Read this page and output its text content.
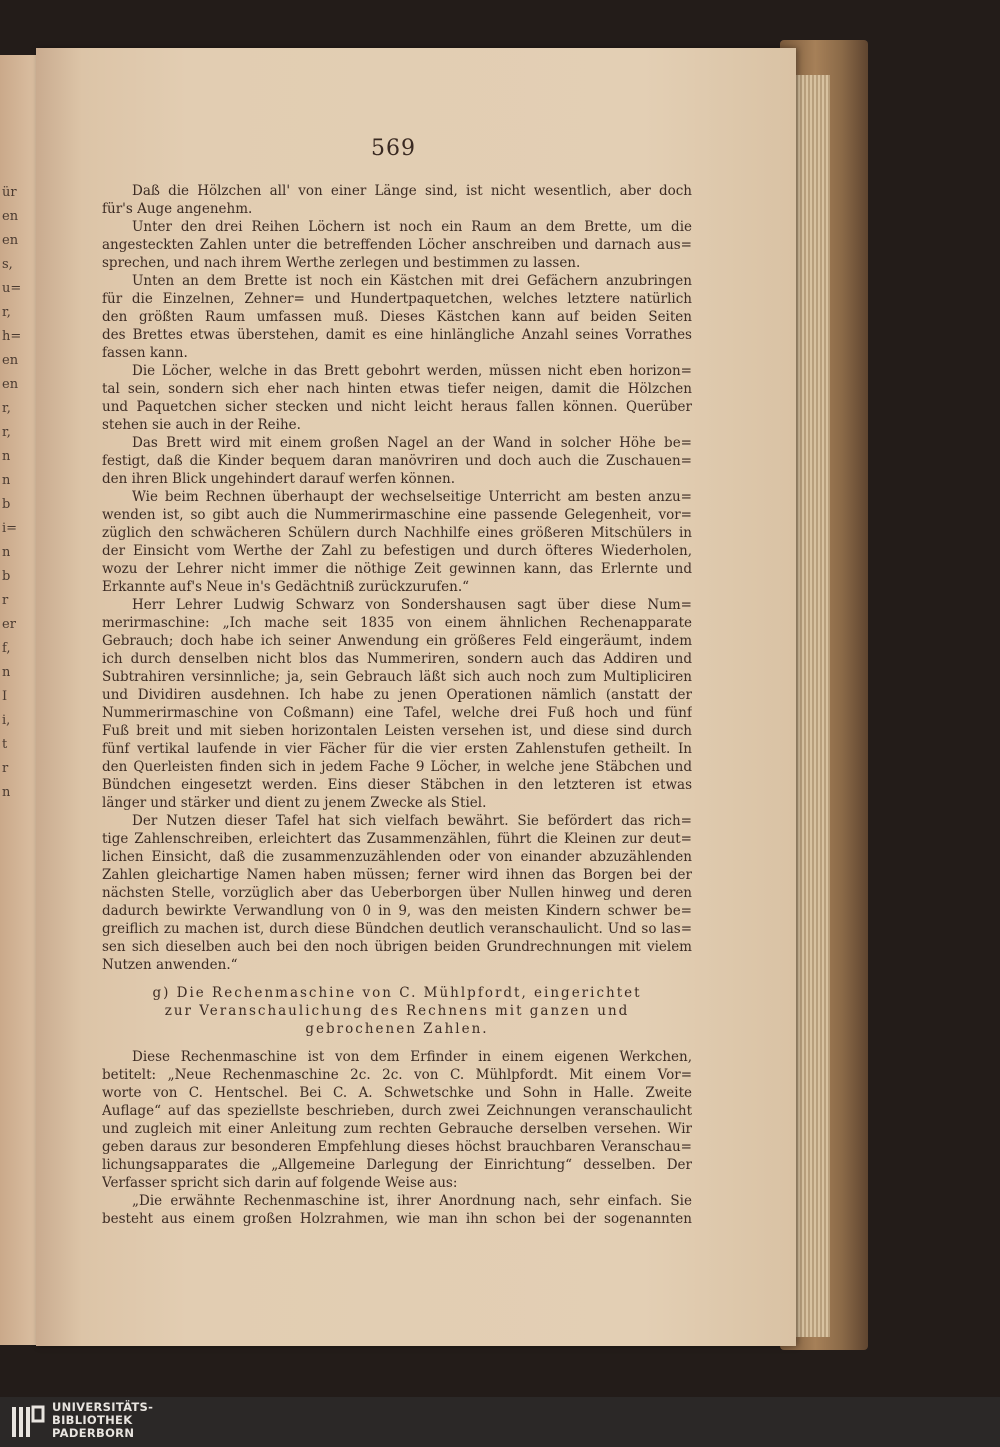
ür
en
en
s,
u=
r,
h=
en
en
r,
r,
n
n
b
i=
n
b
r
er
f,
n
I
i,
t
r
n
569
Daß die Hölzchen all' von einer Länge sind, ist nicht wesentlich, aber doch
für's Auge angenehm.
Unter den drei Reihen Löchern ist noch ein Raum an dem Brette, um die
angesteckten Zahlen unter die betreffenden Löcher anschreiben und darnach aus=
sprechen, und nach ihrem Werthe zerlegen und bestimmen zu lassen.
Unten an dem Brette ist noch ein Kästchen mit drei Gefächern anzubringen
für die Einzelnen, Zehner= und Hundertpaquetchen, welches letztere natürlich
den größten Raum umfassen muß. Dieses Kästchen kann auf beiden Seiten
des Brettes etwas überstehen, damit es eine hinlängliche Anzahl seines Vorrathes
fassen kann.
Die Löcher, welche in das Brett gebohrt werden, müssen nicht eben horizon=
tal sein, sondern sich eher nach hinten etwas tiefer neigen, damit die Hölzchen
und Paquetchen sicher stecken und nicht leicht heraus fallen können. Querüber
stehen sie auch in der Reihe.
Das Brett wird mit einem großen Nagel an der Wand in solcher Höhe be=
festigt, daß die Kinder bequem daran manövriren und doch auch die Zuschauen=
den ihren Blick ungehindert darauf werfen können.
Wie beim Rechnen überhaupt der wechselseitige Unterricht am besten anzu=
wenden ist, so gibt auch die Nummerirmaschine eine passende Gelegenheit, vor=
züglich den schwächeren Schülern durch Nachhilfe eines größeren Mitschülers in
der Einsicht vom Werthe der Zahl zu befestigen und durch öfteres Wiederholen,
wozu der Lehrer nicht immer die nöthige Zeit gewinnen kann, das Erlernte und
Erkannte auf's Neue in's Gedächtniß zurückzurufen.“
Herr Lehrer Ludwig Schwarz von Sondershausen sagt über diese Num=
merirmaschine: „Ich mache seit 1835 von einem ähnlichen Rechenapparate
Gebrauch; doch habe ich seiner Anwendung ein größeres Feld eingeräumt, indem
ich durch denselben nicht blos das Nummeriren, sondern auch das Addiren und
Subtrahiren versinnliche; ja, sein Gebrauch läßt sich auch noch zum Multipliciren
und Dividiren ausdehnen. Ich habe zu jenen Operationen nämlich (anstatt der
Nummerirmaschine von Coßmann) eine Tafel, welche drei Fuß hoch und fünf
Fuß breit und mit sieben horizontalen Leisten versehen ist, und diese sind durch
fünf vertikal laufende in vier Fächer für die vier ersten Zahlenstufen getheilt. In
den Querleisten finden sich in jedem Fache 9 Löcher, in welche jene Stäbchen und
Bündchen eingesetzt werden. Eins dieser Stäbchen in den letzteren ist etwas
länger und stärker und dient zu jenem Zwecke als Stiel.
Der Nutzen dieser Tafel hat sich vielfach bewährt. Sie befördert das rich=
tige Zahlenschreiben, erleichtert das Zusammenzählen, führt die Kleinen zur deut=
lichen Einsicht, daß die zusammenzuzählenden oder von einander abzuzählenden
Zahlen gleichartige Namen haben müssen; ferner wird ihnen das Borgen bei der
nächsten Stelle, vorzüglich aber das Ueberborgen über Nullen hinweg und deren
dadurch bewirkte Verwandlung von 0 in 9, was den meisten Kindern schwer be=
greiflich zu machen ist, durch diese Bündchen deutlich veranschaulicht. Und so las=
sen sich dieselben auch bei den noch übrigen beiden Grundrechnungen mit vielem
Nutzen anwenden.“
g) Die Rechenmaschine von C. Mühlpfordt, eingerichtet
zur Veranschaulichung des Rechnens mit ganzen und
gebrochenen Zahlen.
Diese Rechenmaschine ist von dem Erfinder in einem eigenen Werkchen,
betitelt: „Neue Rechenmaschine 2c. 2c. von C. Mühlpfordt. Mit einem Vor=
worte von C. Hentschel. Bei C. A. Schwetschke und Sohn in Halle. Zweite
Auflage“ auf das speziellste beschrieben, durch zwei Zeichnungen veranschaulicht
und zugleich mit einer Anleitung zum rechten Gebrauche derselben versehen. Wir
geben daraus zur besonderen Empfehlung dieses höchst brauchbaren Veranschau=
lichungsapparates die „Allgemeine Darlegung der Einrichtung“ desselben. Der
Verfasser spricht sich darin auf folgende Weise aus:
„Die erwähnte Rechenmaschine ist, ihrer Anordnung nach, sehr einfach. Sie
besteht aus einem großen Holzrahmen, wie man ihn schon bei der sogenannten
UNIVERSITÄTS-
BIBLIOTHEK
PADERBORN
